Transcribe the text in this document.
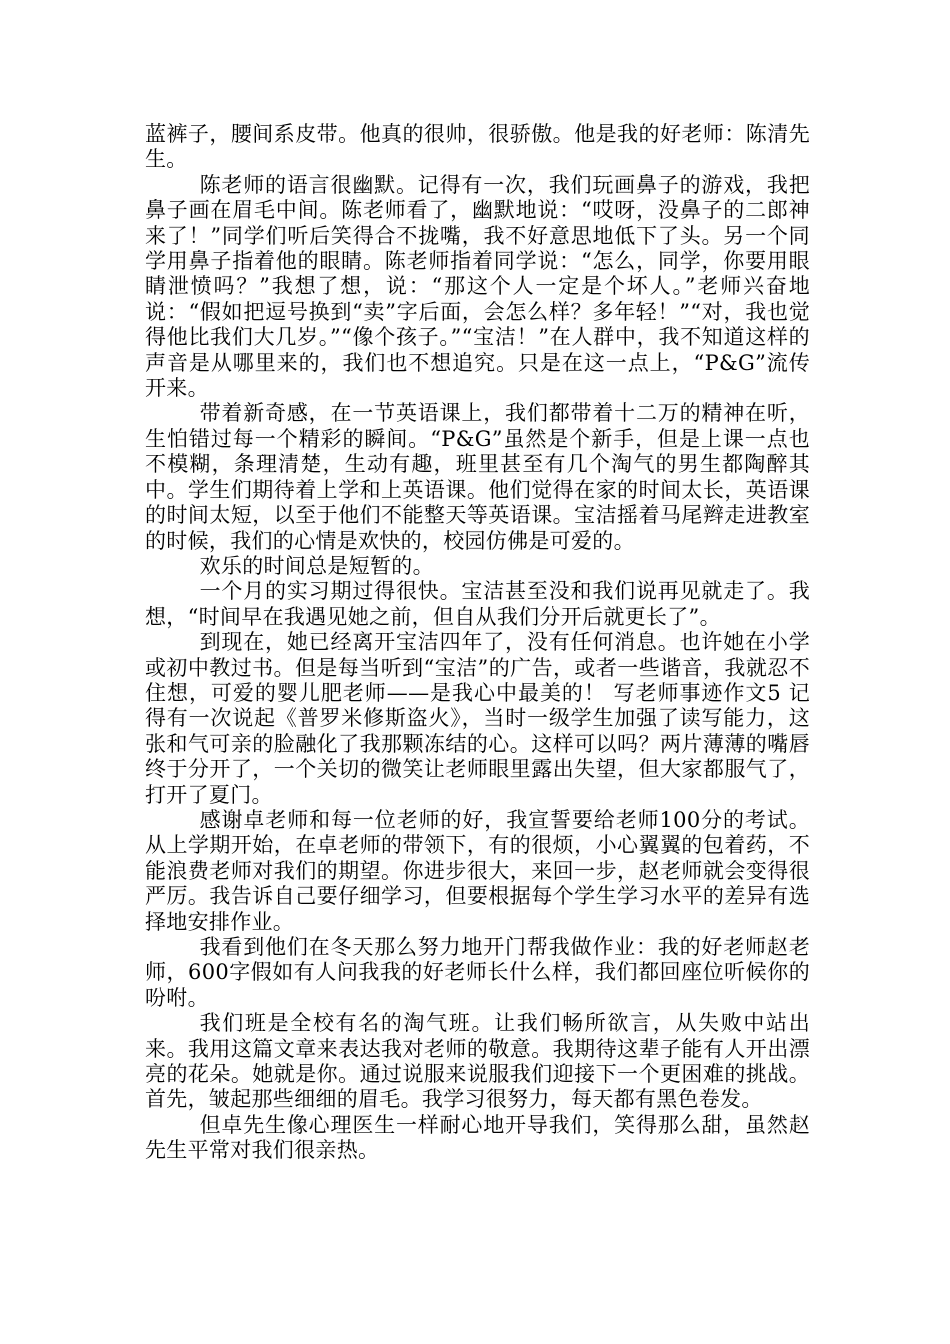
蓝裤子，腰间系皮带。他真的很帅，很骄傲。他是我的好老师：陈清先生。

陈老师的语言很幽默。记得有一次，我们玩画鼻子的游戏，我把鼻子画在眉毛中间。陈老师看了，幽默地说：“哎呀，没鼻子的二郎神来了！”同学们听后笑得合不拢嘴，我不好意思地低下了头。另一个同学用鼻子指着他的眼睛。陈老师指着同学说：“怎么，同学，你要用眼睛泄愤吗？”我想了想，说：“那这个人一定是个坏人。”老师兴奋地说：“假如把逗号换到“卖”字后面，会怎么样？多年轻！”“对，我也觉得他比我们大几岁。”“像个孩子。”“宝洁！”在人群中，我不知道这样的声音是从哪里来的，我们也不想追究。只是在这一点上，“P&G”流传开来。

带着新奇感，在一节英语课上，我们都带着十二万的精神在听，生怕错过每一个精彩的瞬间。“P&G”虽然是个新手，但是上课一点也不模糊，条理清楚，生动有趣，班里甚至有几个淘气的男生都陶醉其中。学生们期待着上学和上英语课。他们觉得在家的时间太长，英语课的时间太短，以至于他们不能整天等英语课。宝洁摇着马尾辫走进教室的时候，我们的心情是欢快的，校园仿佛是可爱的。

欢乐的时间总是短暂的。

一个月的实习期过得很快。宝洁甚至没和我们说再见就走了。我想，“时间早在我遇见她之前，但自从我们分开后就更长了”。

到现在，她已经离开宝洁四年了，没有任何消息。也许她在小学或初中教过书。但是每当听到“宝洁”的广告，或者一些谐音，我就忍不住想，可爱的婴儿肥老师——是我心中最美的！ 写老师事迹作文5 记得有一次说起《普罗米修斯盗火》，当时一级学生加强了读写能力，这张和气可亲的脸融化了我那颗冻结的心。这样可以吗？两片薄薄的嘴唇终于分开了，一个关切的微笑让老师眼里露出失望，但大家都服气了，打开了夏门。

感谢卓老师和每一位老师的好，我宣誓要给老师100分的考试。从上学期开始，在卓老师的带领下，有的很烦，小心翼翼的包着药，不能浪费老师对我们的期望。你进步很大，来回一步，赵老师就会变得很严厉。我告诉自己要仔细学习，但要根据每个学生学习水平的差异有选择地安排作业。

我看到他们在冬天那么努力地开门帮我做作业：我的好老师赵老师，600字假如有人问我我的好老师长什么样，我们都回座位听候你的吩咐。

我们班是全校有名的淘气班。让我们畅所欲言，从失败中站出来。我用这篇文章来表达我对老师的敬意。我期待这辈子能有人开出漂亮的花朵。她就是你。通过说服来说服我们迎接下一个更困难的挑战。首先，皱起那些细细的眉毛。我学习很努力，每天都有黑色卷发。

但卓先生像心理医生一样耐心地开导我们，笑得那么甜，虽然赵先生平常对我们很亲热。
